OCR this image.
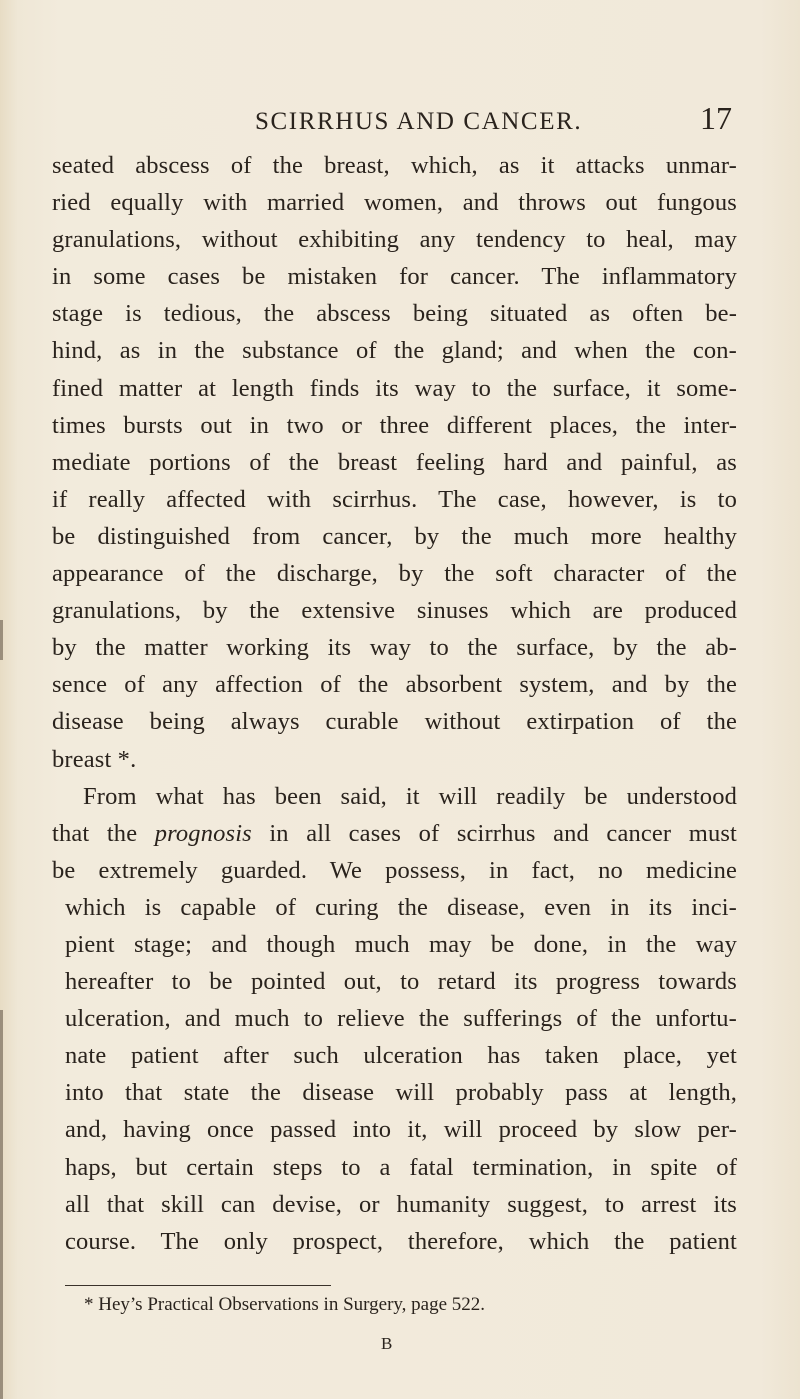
SCIRRHUS AND CANCER.	17
seated abscess of the breast, which, as it attacks unmar-
ried equally with married women, and throws out fungous
granulations, without exhibiting any tendency to heal, may
in some cases be mistaken for cancer. The inflammatory
stage is tedious, the abscess being situated as often be-
hind, as in the substance of the gland; and when the con-
fined matter at length finds its way to the surface, it some-
times bursts out in two or three different places, the inter-
mediate portions of the breast feeling hard and painful, as
if really affected with scirrhus. The case, however, is to
be distinguished from cancer, by the much more healthy
appearance of the discharge, by the soft character of the
granulations, by the extensive sinuses which are produced
by the matter working its way to the surface, by the ab-
sence of any affection of the absorbent system, and by the
disease being always curable without extirpation of the
breast *.
From what has been said, it will readily be understood
that the prognosis in all cases of scirrhus and cancer must
be extremely guarded. We possess, in fact, no medicine
which is capable of curing the disease, even in its inci-
pient stage; and though much may be done, in the way
hereafter to be pointed out, to retard its progress towards
ulceration, and much to relieve the sufferings of the unfortu-
nate patient after such ulceration has taken place, yet
into that state the disease will probably pass at length,
and, having once passed into it, will proceed by slow per-
haps, but certain steps to a fatal termination, in spite of
all that skill can devise, or humanity suggest, to arrest its
course. The only prospect, therefore, which the patient
* Hey’s Practical Observations in Surgery, page 522.
B
